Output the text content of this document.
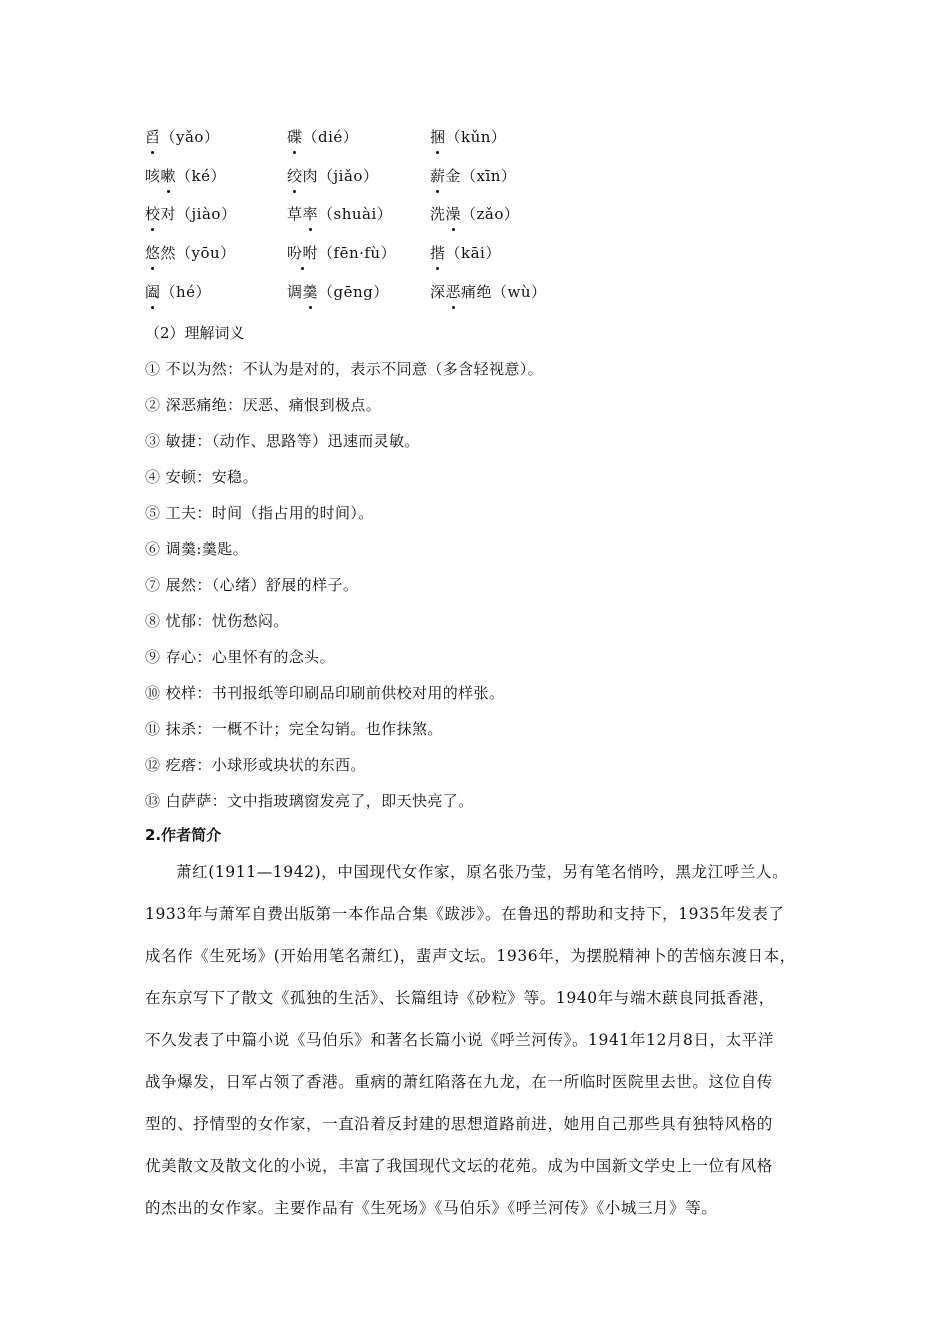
舀（yǎo）	碟（dié）	捆（kǔn）
咳嗽（ké）	绞肉（jiǎo）	薪金（xīn）
校对（jiào）	草率（shuài）	洗澡（zǎo）
悠然（yōu）	吩咐（fēn·fù） 揩（kāi）
阖（hé）	调羹（gēng）	深恶痛绝（wù）
（2）理解词义
① 不以为然：不认为是对的，表示不同意（多含轻视意）。
② 深恶痛绝：厌恶、痛恨到极点。
③ 敏捷：（动作、思路等）迅速而灵敏。
④ 安顿：安稳。
⑤ 工夫：时间（指占用的时间）。
⑥ 调羹:羹匙。
⑦ 展然：（心绪）舒展的样子。
⑧ 忧郁：忧伤愁闷。
⑨ 存心：心里怀有的念头。
⑩ 校样：书刊报纸等印刷品印刷前供校对用的样张。
⑪ 抹杀：一概不计；完全勾销。也作抹煞。
⑫ 疙瘩：小球形或块状的东西。
⑬ 白萨萨：文中指玻璃窗发亮了，即天快亮了。
2.作者简介
萧红(1911—1942)，中国现代女作家，原名张乃莹，另有笔名悄吟，黑龙江呼兰人。
1933年与萧军自费出版第一本作品合集《跋涉》。在鲁迅的帮助和支持下，1935年发表了
成名作《生死场》(开始用笔名萧红)，蜚声文坛。1936年，为摆脱精神卜的苦恼东渡日本，
在东京写下了散文《孤独的生活》、长篇组诗《砂粒》等。1940年与端木蕻良同抵香港，
不久发表了中篇小说《马伯乐》和著名长篇小说《呼兰河传》。1941年12月8日，太平洋
战争爆发，日军占领了香港。重病的萧红陷落在九龙，在一所临时医院里去世。这位自传
型的、抒情型的女作家，一直沿着反封建的思想道路前进，她用自己那些具有独特风格的
优美散文及散文化的小说，丰富了我国现代文坛的花苑。成为中国新文学史上一位有风格
的杰出的女作家。主要作品有《生死场》《马伯乐》《呼兰河传》《小城三月》等。
